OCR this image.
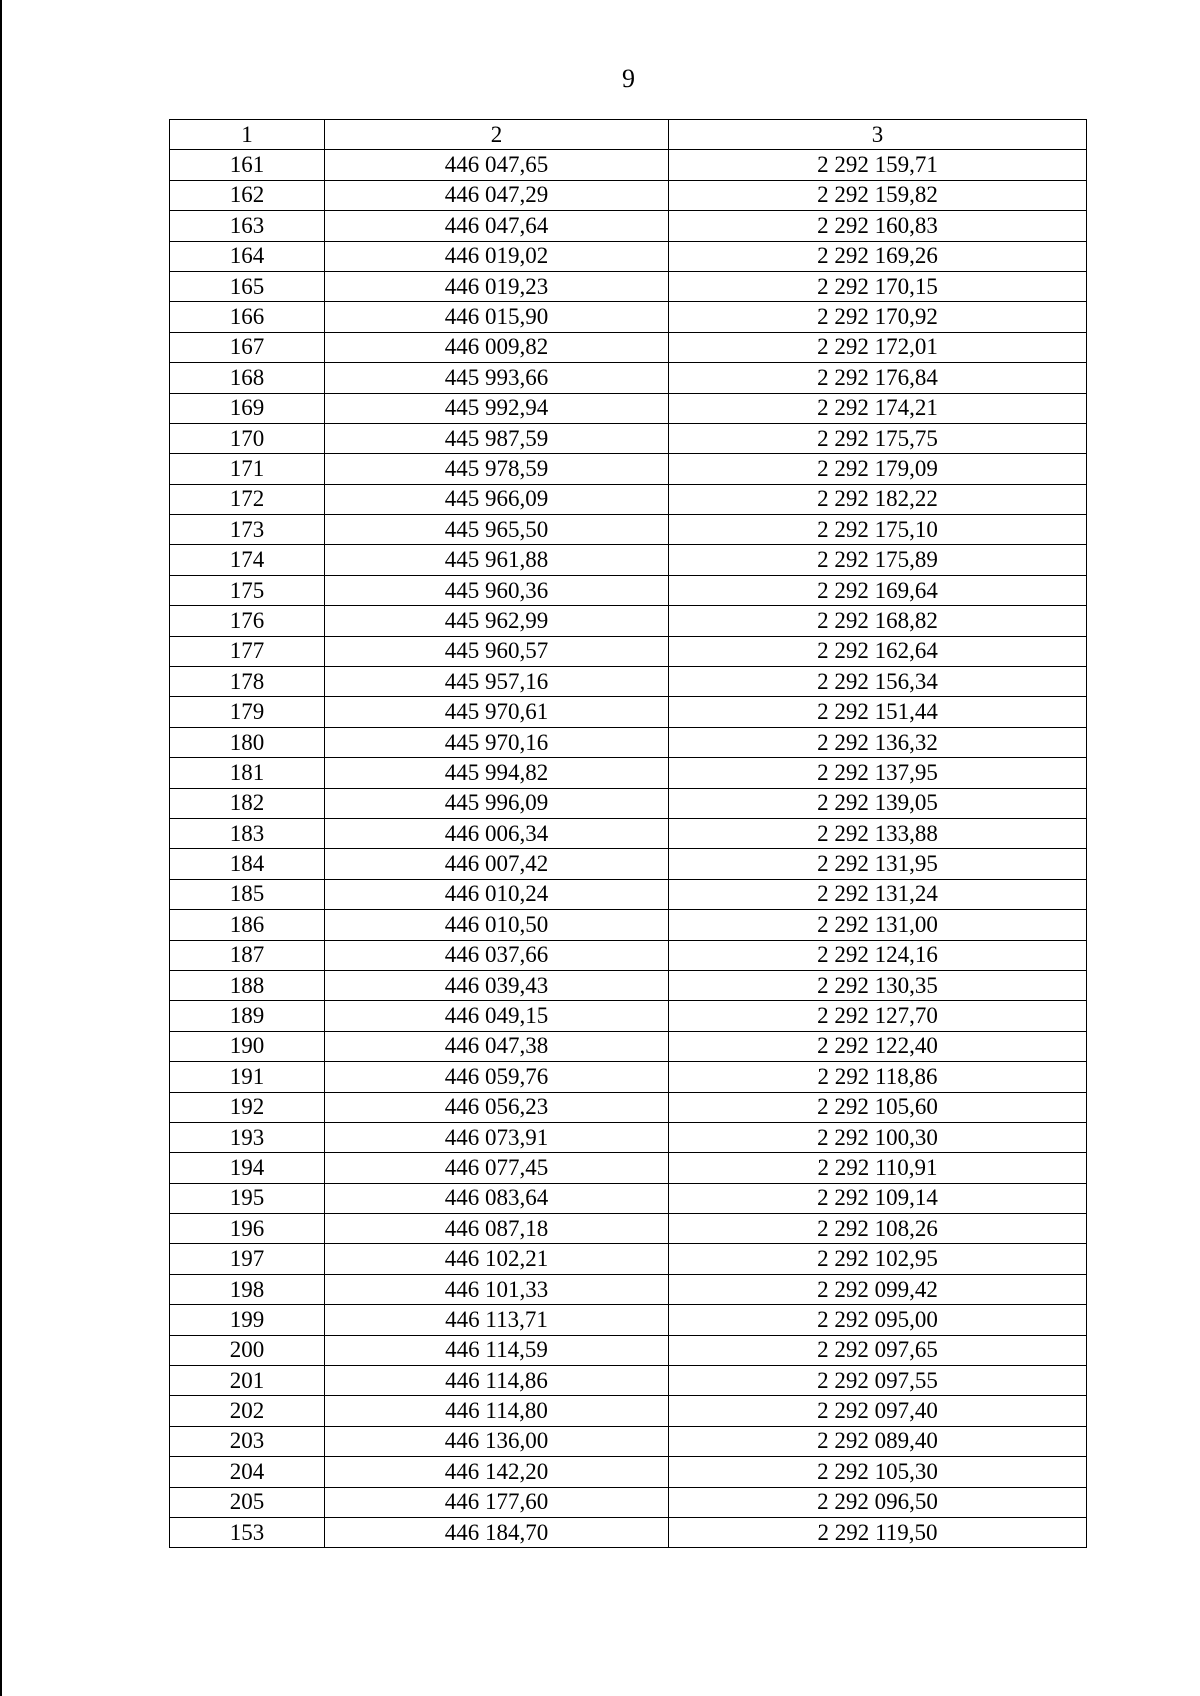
9
1	2	3
161	446 047,65	2 292 159,71
162	446 047,29	2 292 159,82
163	446 047,64	2 292 160,83
164	446 019,02	2 292 169,26
165	446 019,23	2 292 170,15
166	446 015,90	2 292 170,92
167	446 009,82	2 292 172,01
168	445 993,66	2 292 176,84
169	445 992,94	2 292 174,21
170	445 987,59	2 292 175,75
171	445 978,59	2 292 179,09
172	445 966,09	2 292 182,22
173	445 965,50	2 292 175,10
174	445 961,88	2 292 175,89
175	445 960,36	2 292 169,64
176	445 962,99	2 292 168,82
177	445 960,57	2 292 162,64
178	445 957,16	2 292 156,34
179	445 970,61	2 292 151,44
180	445 970,16	2 292 136,32
181	445 994,82	2 292 137,95
182	445 996,09	2 292 139,05
183	446 006,34	2 292 133,88
184	446 007,42	2 292 131,95
185	446 010,24	2 292 131,24
186	446 010,50	2 292 131,00
187	446 037,66	2 292 124,16
188	446 039,43	2 292 130,35
189	446 049,15	2 292 127,70
190	446 047,38	2 292 122,40
191	446 059,76	2 292 118,86
192	446 056,23	2 292 105,60
193	446 073,91	2 292 100,30
194	446 077,45	2 292 110,91
195	446 083,64	2 292 109,14
196	446 087,18	2 292 108,26
197	446 102,21	2 292 102,95
198	446 101,33	2 292 099,42
199	446 113,71	2 292 095,00
200	446 114,59	2 292 097,65
201	446 114,86	2 292 097,55
202	446 114,80	2 292 097,40
203	446 136,00	2 292 089,40
204	446 142,20	2 292 105,30
205	446 177,60	2 292 096,50
153	446 184,70	2 292 119,50
